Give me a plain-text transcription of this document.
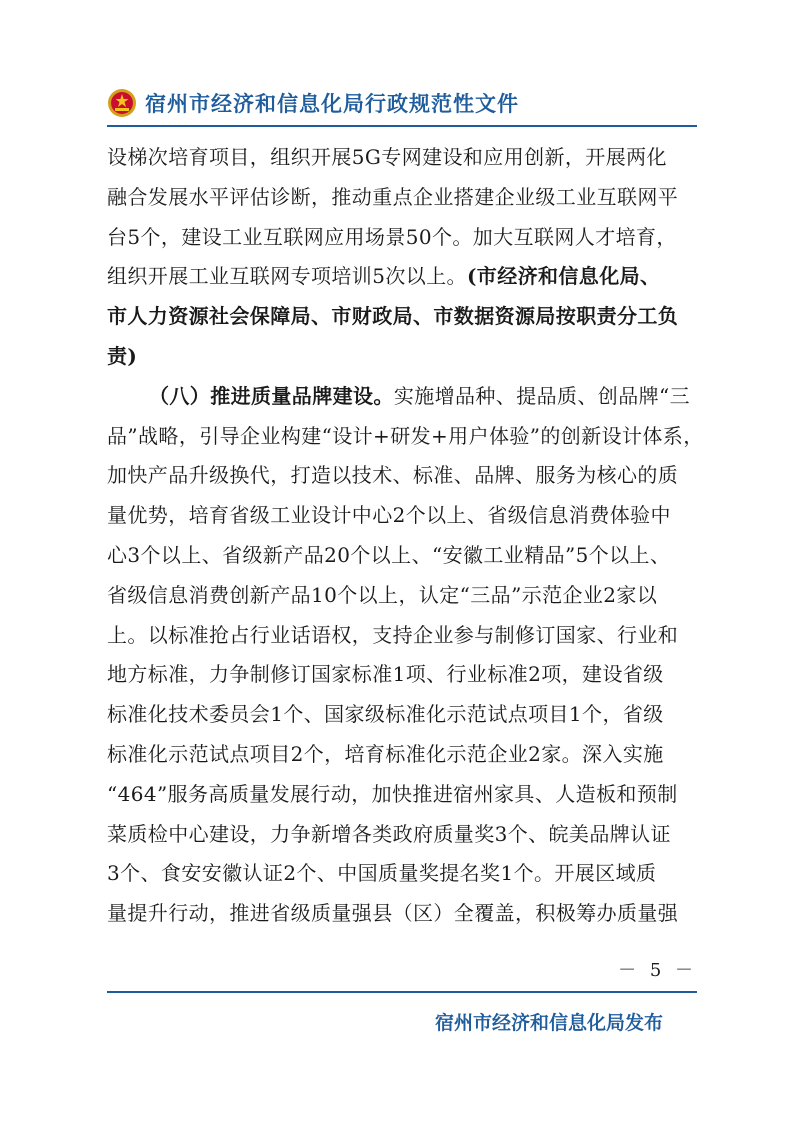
宿州市经济和信息化局行政规范性文件
设梯次培育项目，组织开展5G专网建设和应用创新，开展两化
融合发展水平评估诊断，推动重点企业搭建企业级工业互联网平
台5个，建设工业互联网应用场景50个。加大互联网人才培育，
组织开展工业互联网专项培训5次以上。(市经济和信息化局、
市人力资源社会保障局、市财政局、市数据资源局按职责分工负
责)
（八）推进质量品牌建设。实施增品种、提品质、创品牌“三
品”战略，引导企业构建“设计+研发+用户体验”的创新设计体系，
加快产品升级换代，打造以技术、标准、品牌、服务为核心的质
量优势，培育省级工业设计中心2个以上、省级信息消费体验中
心3个以上、省级新产品20个以上、“安徽工业精品”5个以上、
省级信息消费创新产品10个以上，认定“三品”示范企业2家以
上。以标准抢占行业话语权，支持企业参与制修订国家、行业和
地方标准，力争制修订国家标准1项、行业标准2项，建设省级
标准化技术委员会1个、国家级标准化示范试点项目1个，省级
标准化示范试点项目2个，培育标准化示范企业2家。深入实施
“464”服务高质量发展行动，加快推进宿州家具、人造板和预制
菜质检中心建设，力争新增各类政府质量奖3个、皖美品牌认证
3个、食安安徽认证2个、中国质量奖提名奖1个。开展区域质
量提升行动，推进省级质量强县（区）全覆盖，积极筹办质量强
－ 5 －
宿州市经济和信息化局发布
